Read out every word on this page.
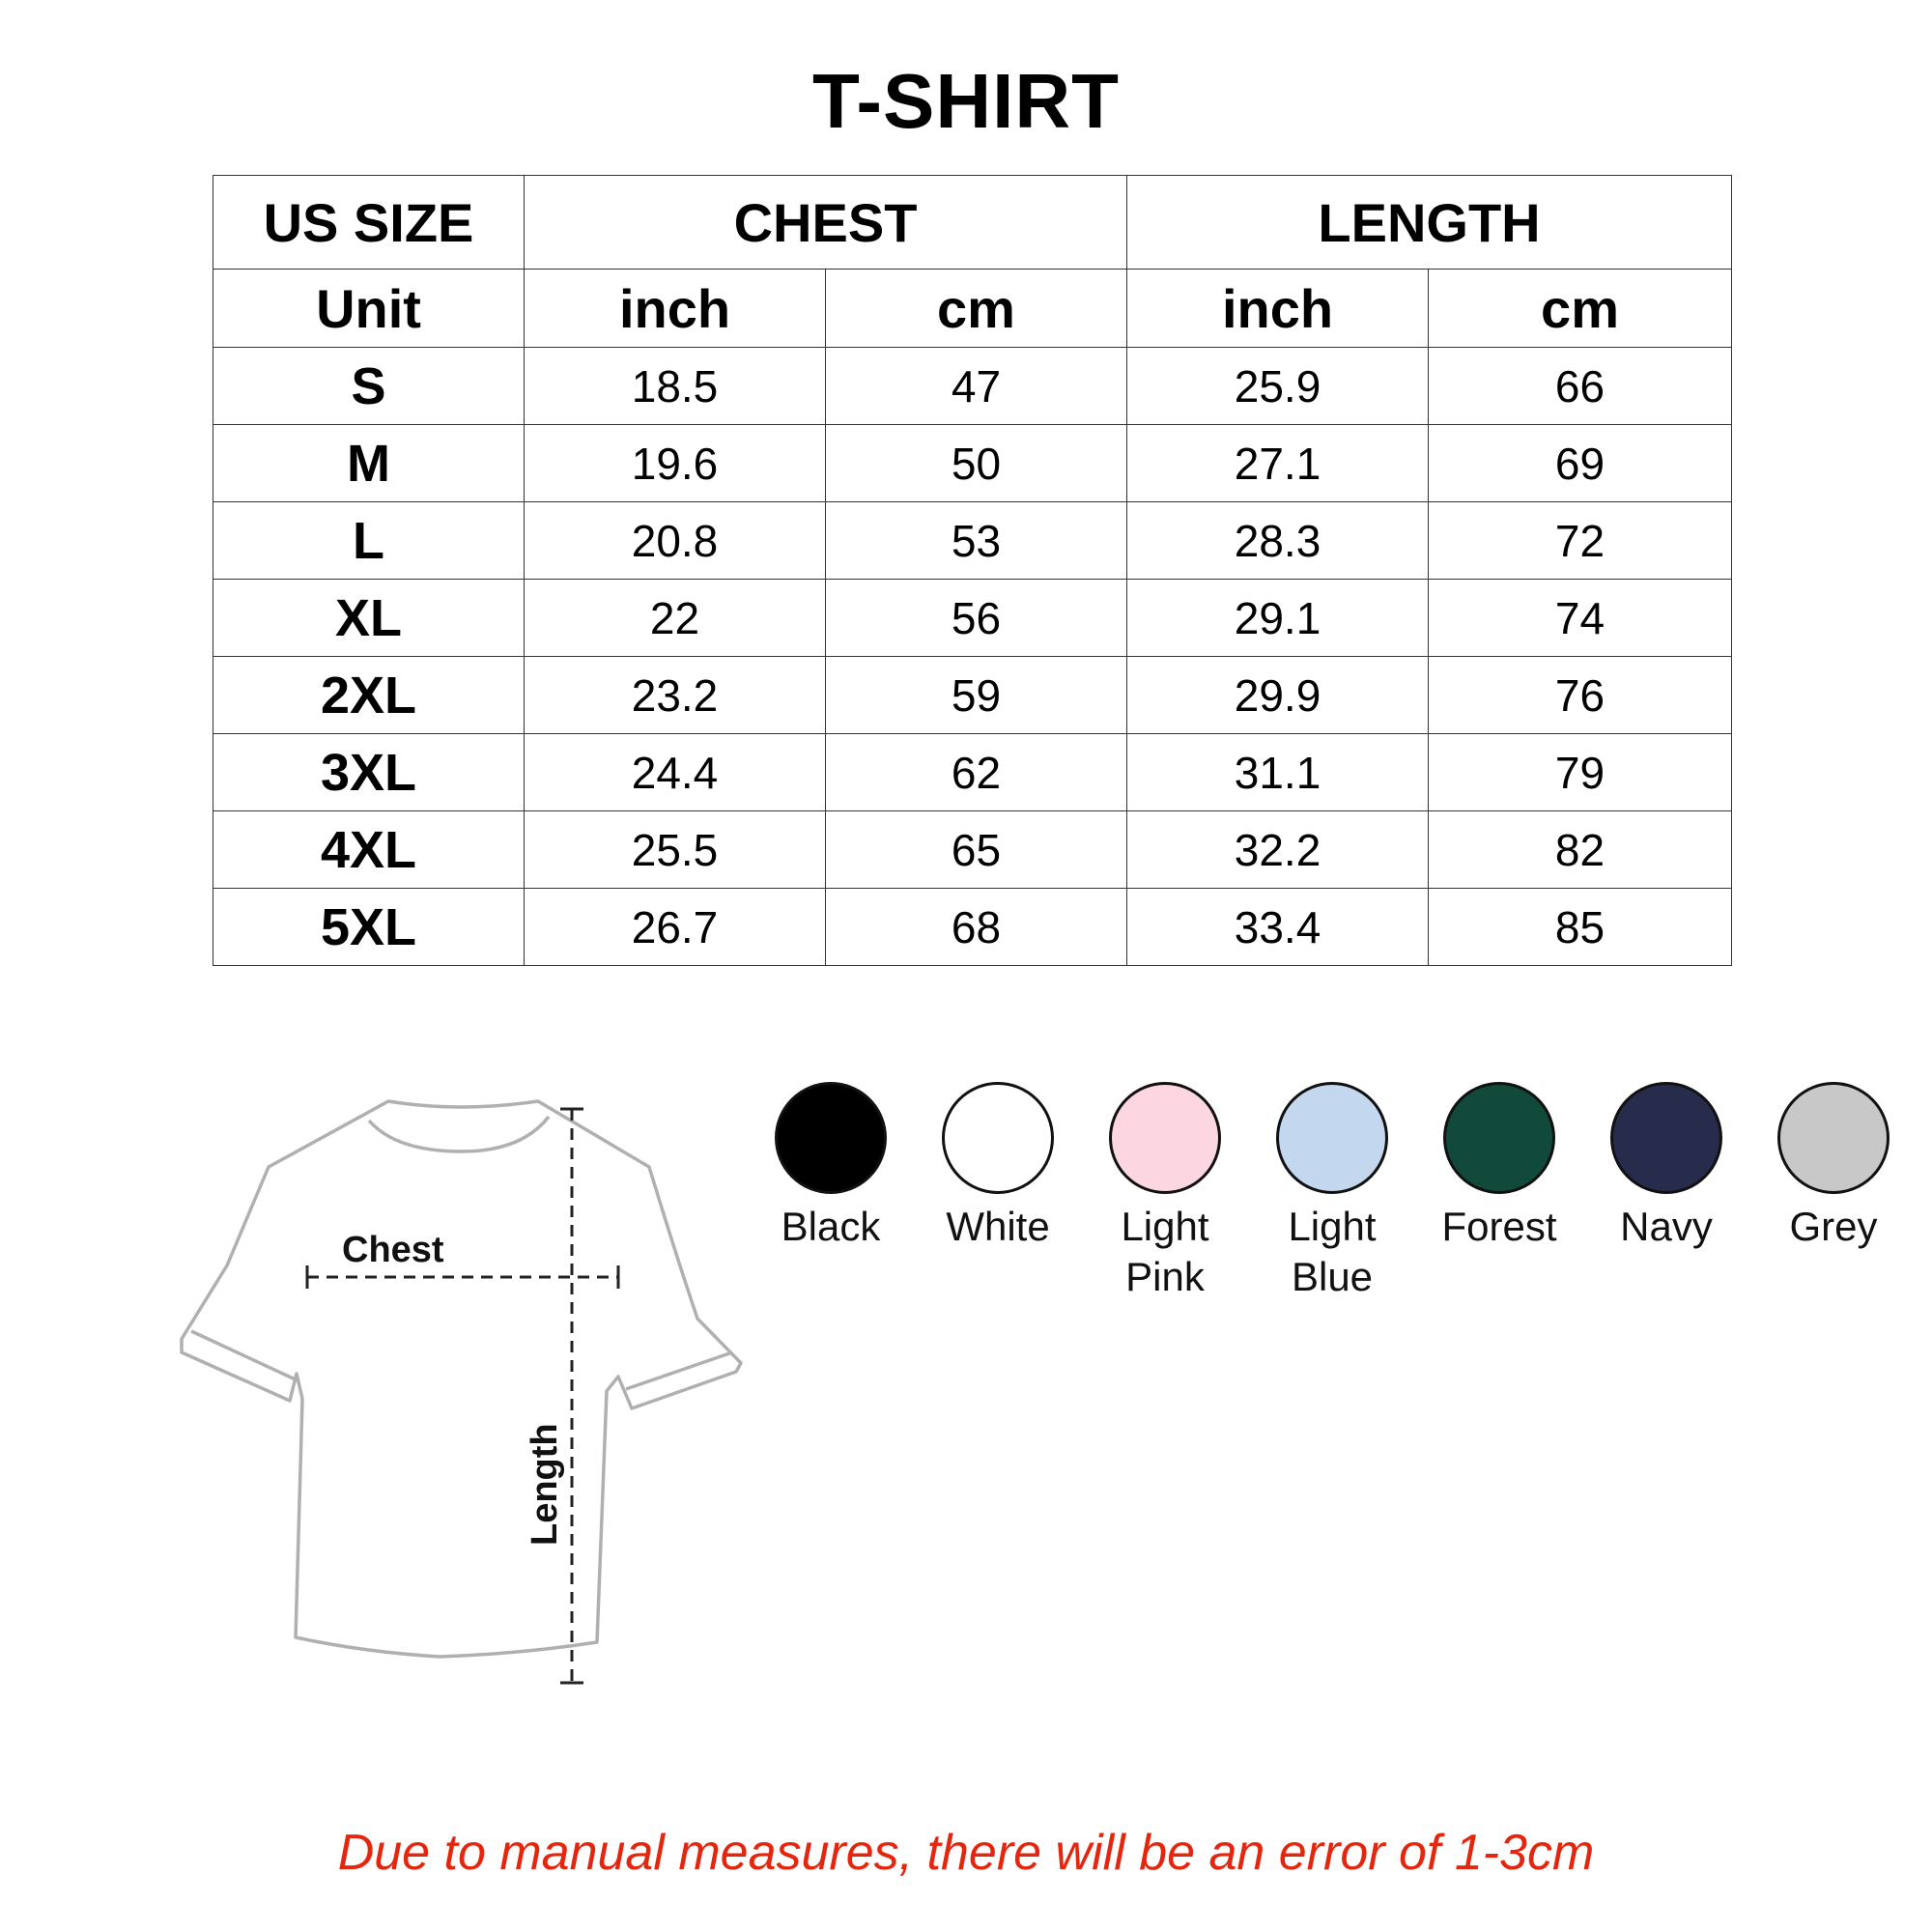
T-SHIRT
US SIZE	CHEST		LENGTH	
Unit	inch	cm	inch	cm
S	18.5	47	25.9	66
M	19.6	50	27.1	69
L	20.8	53	28.3	72
XL	22	56	29.1	74
2XL	23.2	59	29.9	76
3XL	24.4	62	31.1	79
4XL	25.5	65	32.2	82
5XL	26.7	68	33.4	85
Chest
Length
Black	White	Light
Pink
Light
Blue
Forest	Navy	Grey
Due to manual measures, there will be an error of 1-3cm
